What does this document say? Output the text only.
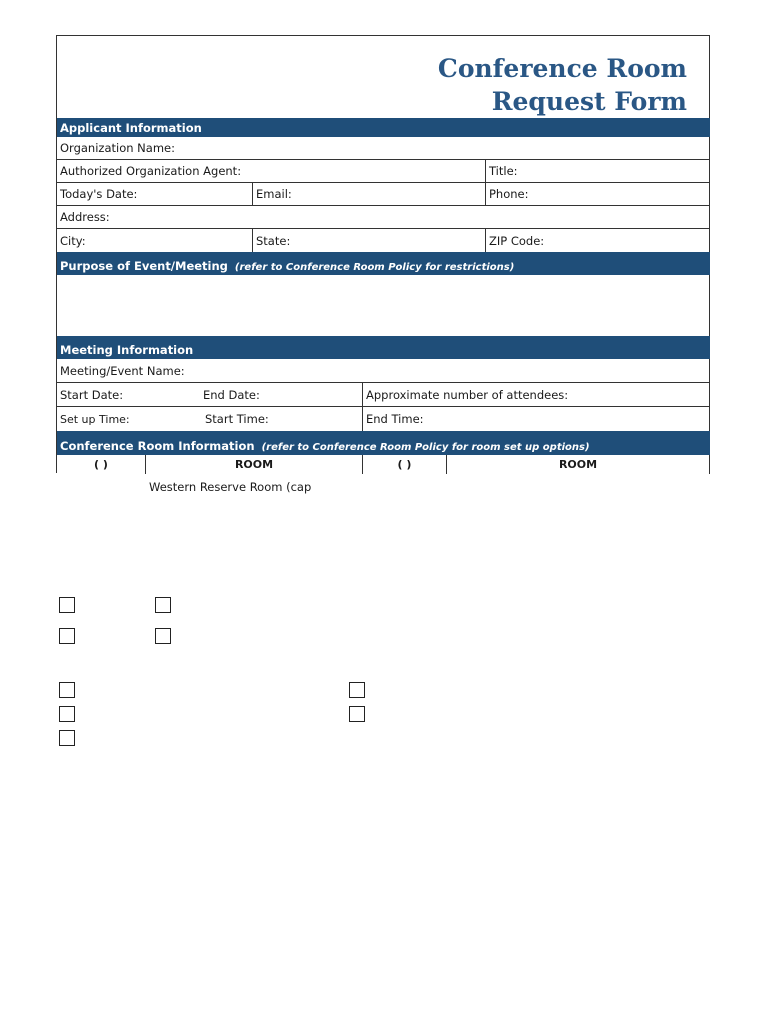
Conference Room
Request Form
Applicant Information
Organization Name:
Authorized Organization Agent:	Title:
Today's Date:	Email:	Phone:
Address:
City:	State:	ZIP Code:
Purpose of Event/Meeting (refer to Conference Room Policy for restrictions)
Meeting Information
Meeting/Event Name:
Start Date:	End Date:	Approximate number of attendees:
Set up Time:	Start Time:	End Time:
Conference Room Information (refer to Conference Room Policy for room set up options)
( )	ROOM	( )	ROOM
Western Reserve Room (cap
